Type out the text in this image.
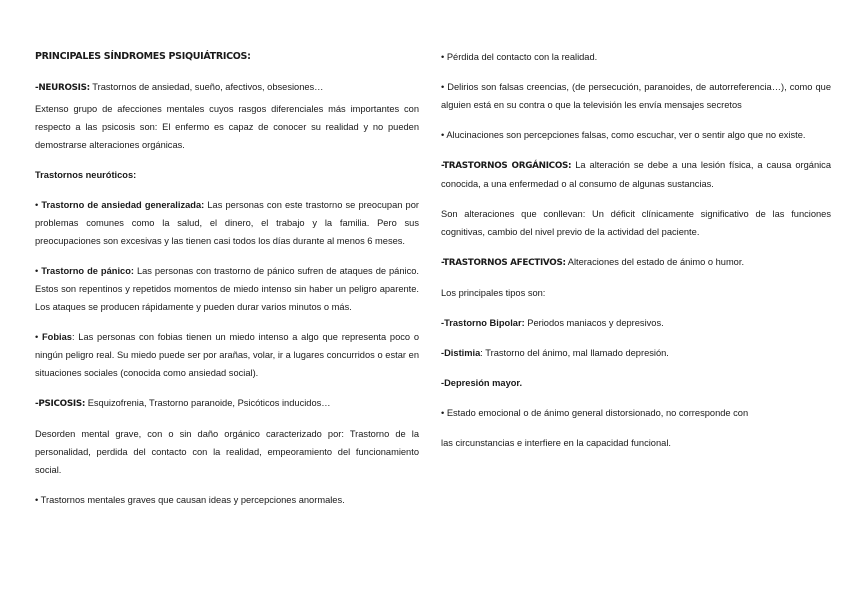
PRINCIPALES SÍNDROMES PSIQUIÁTRICOS:

-NEUROSIS: Trastornos de ansiedad, sueño, afectivos, obsesiones…

Extenso grupo de afecciones mentales cuyos rasgos diferenciales más importantes con respecto a las psicosis son: El enfermo es capaz de conocer su realidad y no pueden demostrarse alteraciones orgánicas.

Trastornos neuróticos:

• Trastorno de ansiedad generalizada: Las personas con este trastorno se preocupan por problemas comunes como la salud, el dinero, el trabajo y la familia. Pero sus preocupaciones son excesivas y las tienen casi todos los días durante al menos 6 meses.

• Trastorno de pánico: Las personas con trastorno de pánico sufren de ataques de pánico. Estos son repentinos y repetidos momentos de miedo intenso sin haber un peligro aparente. Los ataques se producen rápidamente y pueden durar varios minutos o más.

• Fobias: Las personas con fobias tienen un miedo intenso a algo que representa poco o ningún peligro real. Su miedo puede ser por arañas, volar, ir a lugares concurridos o estar en situaciones sociales (conocida como ansiedad social).

-PSICOSIS: Esquizofrenia, Trastorno paranoide, Psicóticos inducidos…

Desorden mental grave, con o sin daño orgánico caracterizado por: Trastorno de la personalidad, perdida del contacto con la realidad, empeoramiento del funcionamiento social.

• Trastornos mentales graves que causan ideas y percepciones anormales.

• Pérdida del contacto con la realidad.

• Delirios son falsas creencias, (de persecución, paranoides, de autorreferencia…), como que alguien está en su contra o que la televisión les envía mensajes secretos

• Alucinaciones son percepciones falsas, como escuchar, ver o sentir algo que no existe.

-TRASTORNOS ORGÁNICOS: La alteración se debe a una lesión física, a causa orgánica conocida, a una enfermedad o al consumo de algunas sustancias.

Son alteraciones que conllevan: Un déficit clínicamente significativo de las funciones cognitivas, cambio del nivel previo de la actividad del paciente.

-TRASTORNOS AFECTIVOS: Alteraciones del estado de ánimo o humor.

Los principales tipos son:

-Trastorno Bipolar: Periodos maniacos y depresivos.

-Distimia: Trastorno del ánimo, mal llamado depresión.

-Depresión mayor.

• Estado emocional o de ánimo general distorsionado, no corresponde con

las circunstancias e interfiere en la capacidad funcional.
